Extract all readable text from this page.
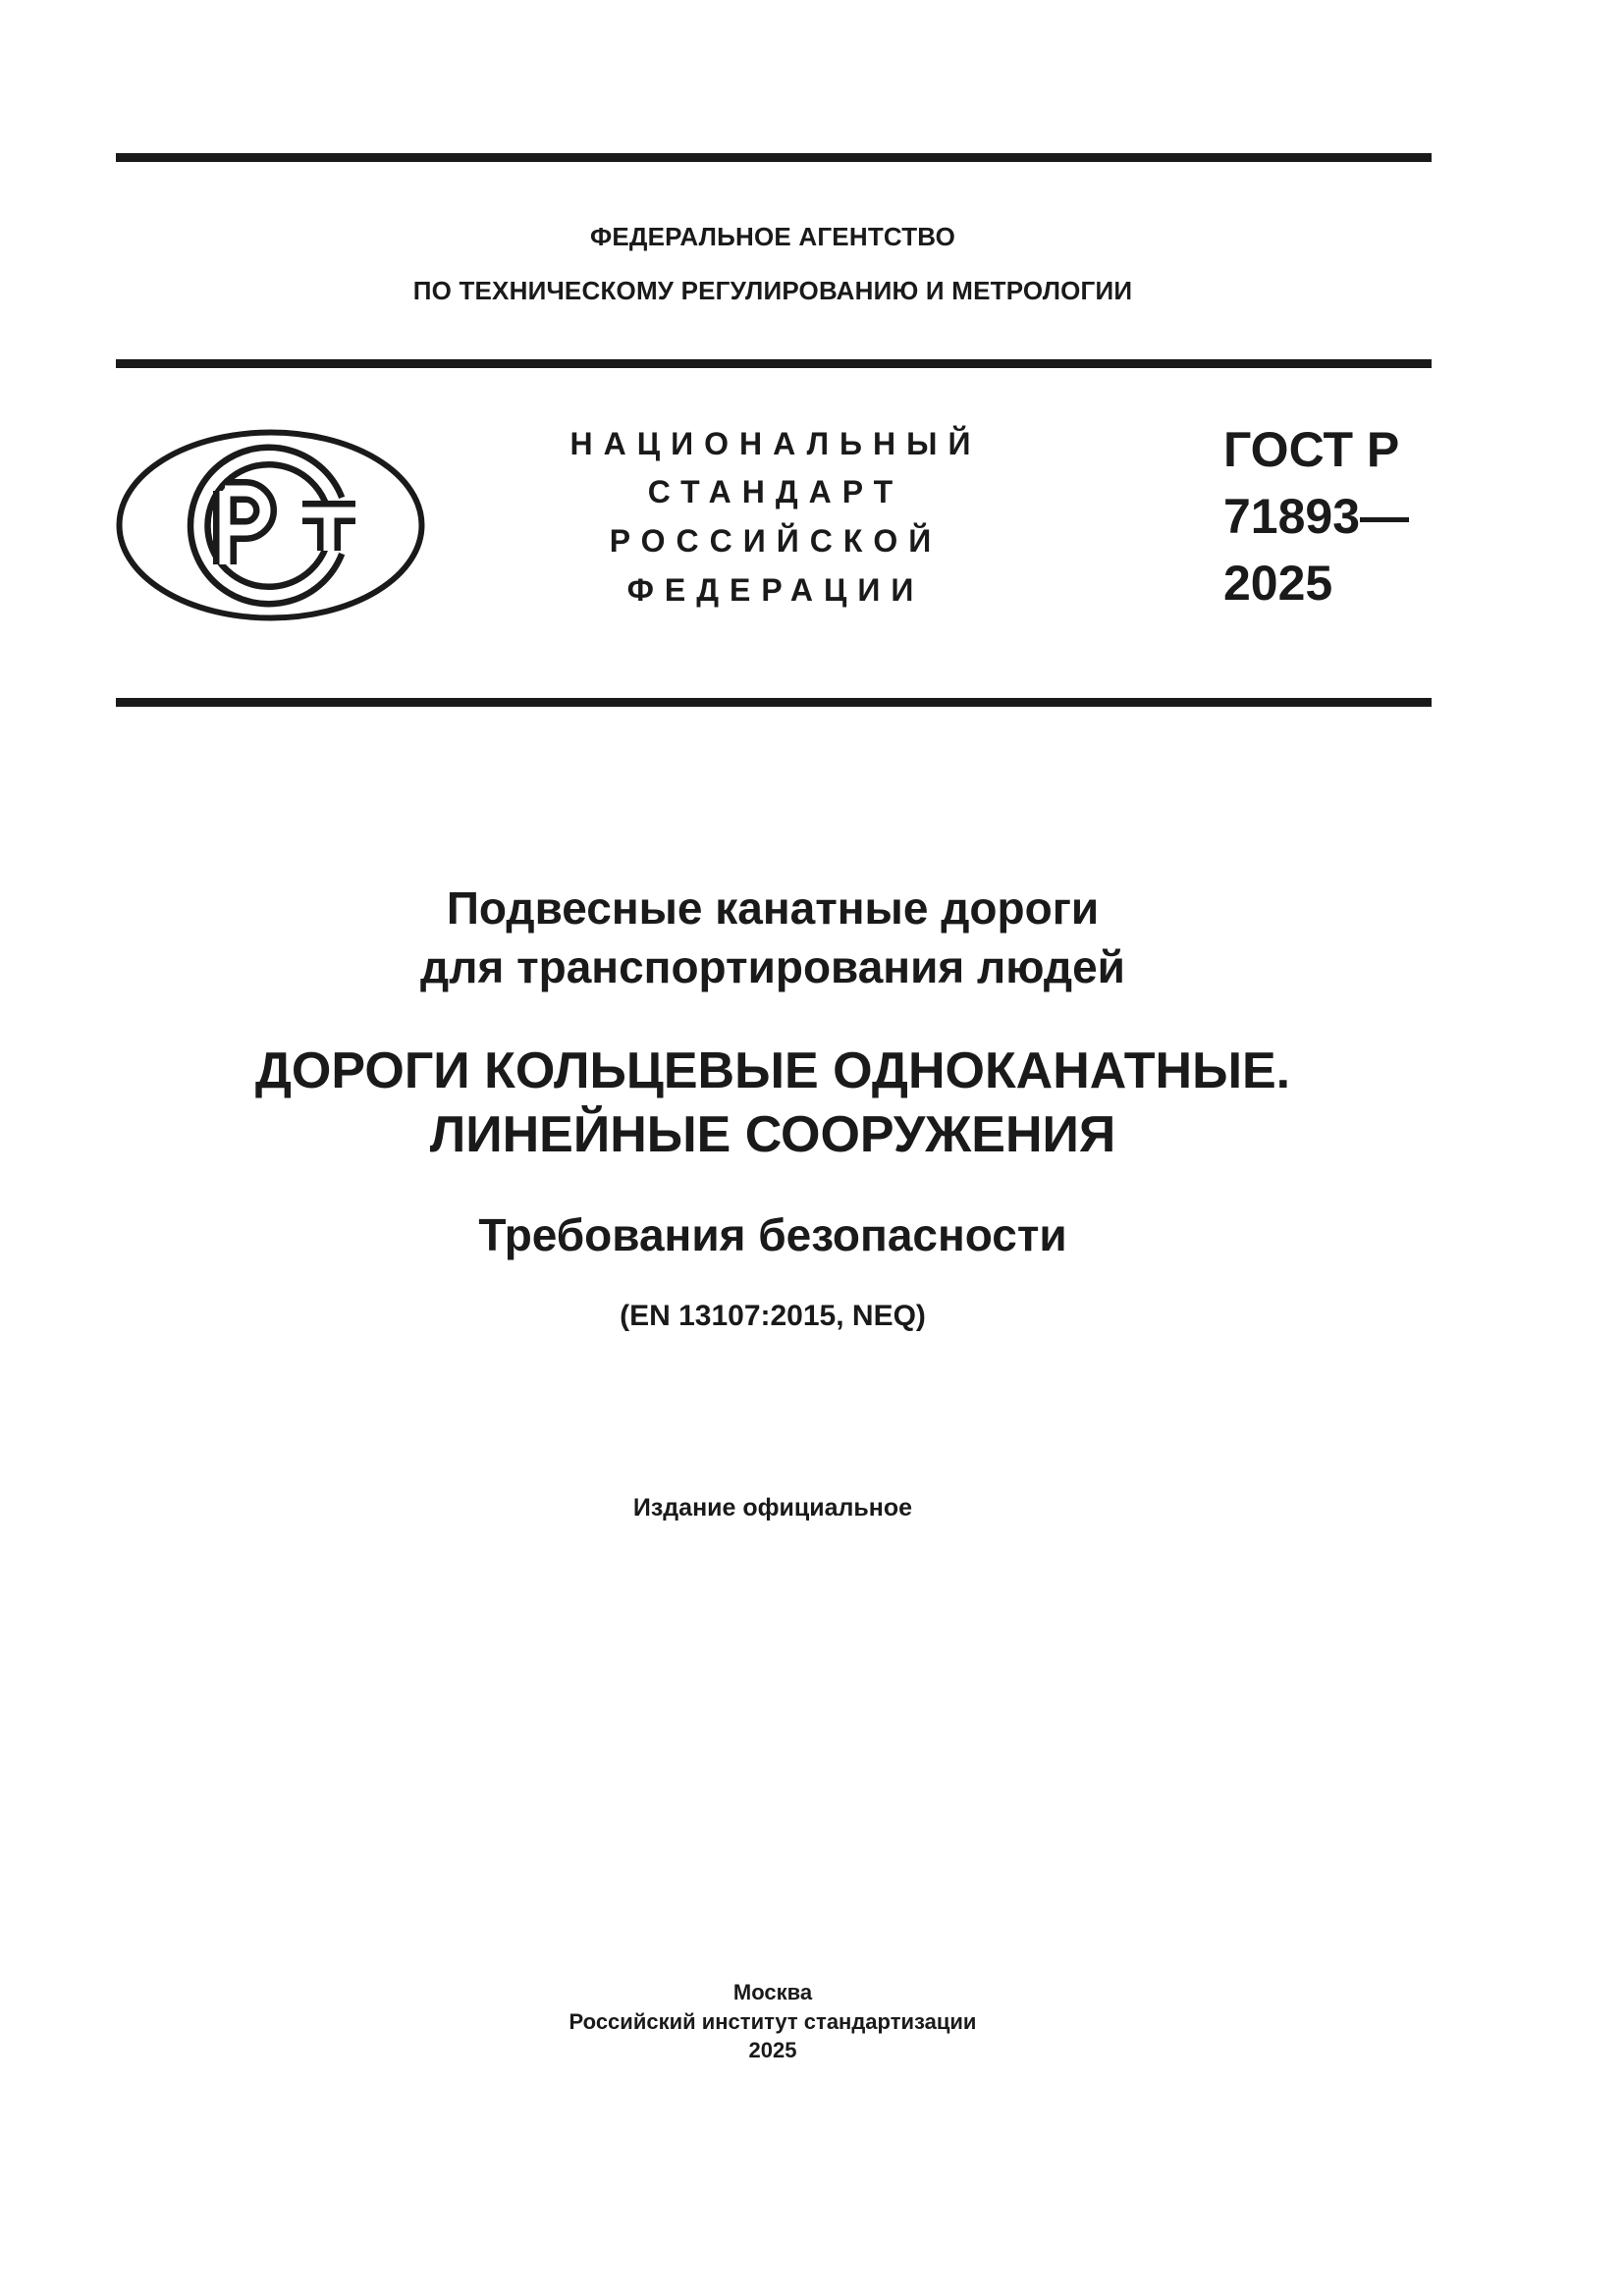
ФЕДЕРАЛЬНОЕ АГЕНТСТВО
ПО ТЕХНИЧЕСКОМУ РЕГУЛИРОВАНИЮ И МЕТРОЛОГИИ
НАЦИОНАЛЬНЫЙ
СТАНДАРТ
РОССИЙСКОЙ
ФЕДЕРАЦИИ
ГОСТ Р
71893—
2025
Подвесные канатные дороги
для транспортирования людей
ДОРОГИ КОЛЬЦЕВЫЕ ОДНОКАНАТНЫЕ.
ЛИНЕЙНЫЕ СООРУЖЕНИЯ
Требования безопасности
(EN 13107:2015, NEQ)
Издание официальное
Москва
Российский институт стандартизации
2025
